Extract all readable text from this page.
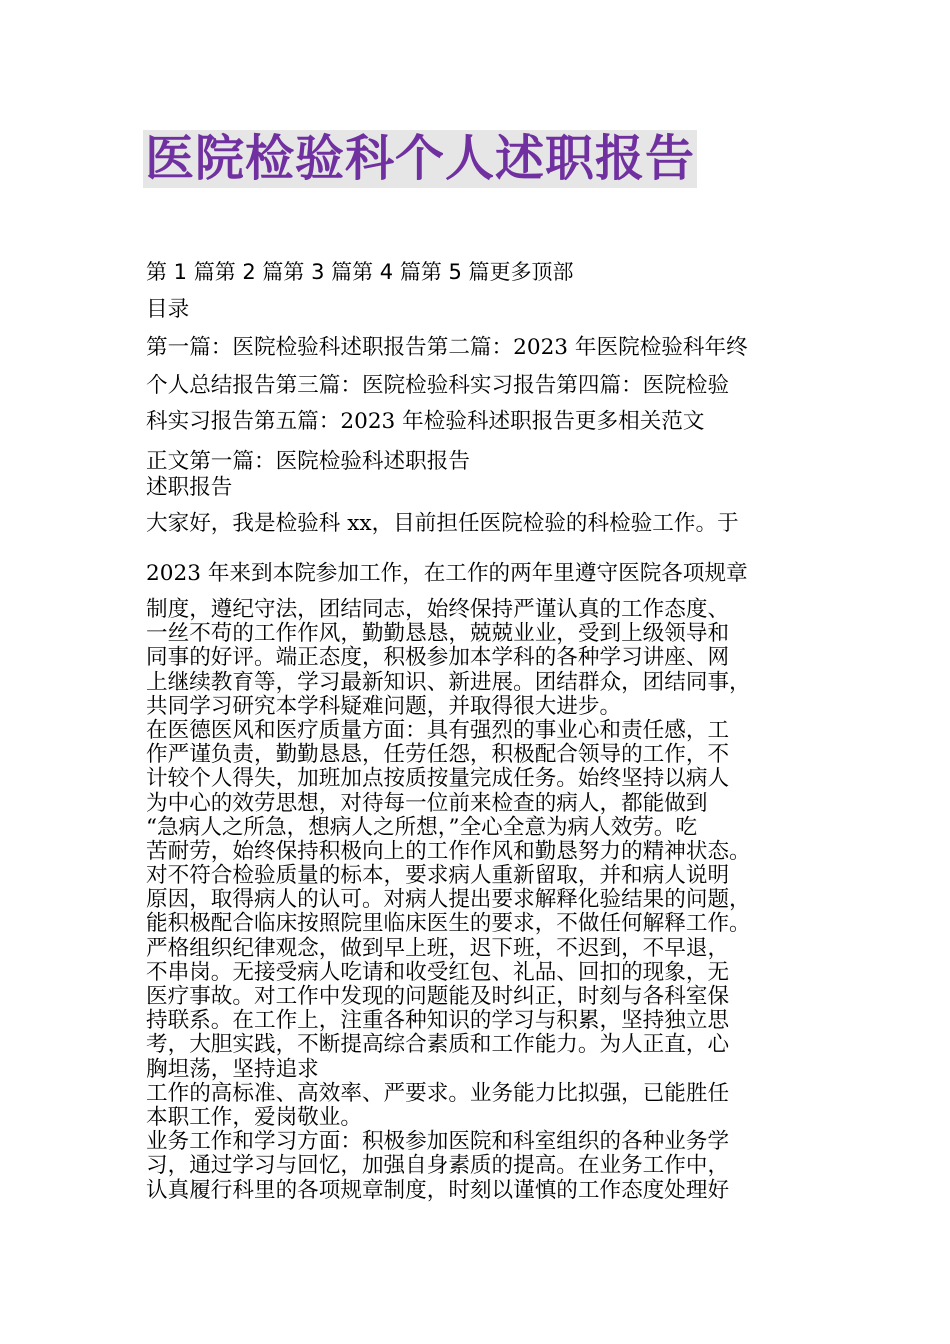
医院检验科个人述职报告
第 1 篇第 2 篇第 3 篇第 4 篇第 5 篇更多顶部
目录
第一篇：医院检验科述职报告第二篇：2023 年医院检验科年终
个人总结报告第三篇：医院检验科实习报告第四篇：医院检验
科实习报告第五篇：2023 年检验科述职报告更多相关范文
正文第一篇：医院检验科述职报告
述职报告
大家好，我是检验科 xx，目前担任医院检验的科检验工作。于
2023 年来到本院参加工作，在工作的两年里遵守医院各项规章
制度，遵纪守法，团结同志，始终保持严谨认真的工作态度、
一丝不苟的工作作风，勤勤恳恳，兢兢业业，受到上级领导和
同事的好评。端正态度，积极参加本学科的各种学习讲座、网
上继续教育等，学习最新知识、新进展。团结群众，团结同事，
共同学习研究本学科疑难问题，并取得很大进步。
在医德医风和医疗质量方面：具有强烈的事业心和责任感，工
作严谨负责，勤勤恳恳，任劳任怨，积极配合领导的工作，不
计较个人得失，加班加点按质按量完成任务。始终坚持以病人
为中心的效劳思想，对待每一位前来检查的病人，都能做到
“急病人之所急，想病人之所想，”全心全意为病人效劳。吃
苦耐劳，始终保持积极向上的工作作风和勤恳努力的精神状态。
对不符合检验质量的标本，要求病人重新留取，并和病人说明
原因，取得病人的认可。对病人提出要求解释化验结果的问题，
能积极配合临床按照院里临床医生的要求，不做任何解释工作。
严格组织纪律观念，做到早上班，迟下班，不迟到，不早退，
不串岗。无接受病人吃请和收受红包、礼品、回扣的现象，无
医疗事故。对工作中发现的问题能及时纠正，时刻与各科室保
持联系。在工作上，注重各种知识的学习与积累，坚持独立思
考，大胆实践，不断提高综合素质和工作能力。为人正直，心
胸坦荡，坚持追求
工作的高标准、高效率、严要求。业务能力比拟强，已能胜任
本职工作，爱岗敬业。
业务工作和学习方面：积极参加医院和科室组织的各种业务学
习，通过学习与回忆，加强自身素质的提高。在业务工作中，
认真履行科里的各项规章制度，时刻以谨慎的工作态度处理好
